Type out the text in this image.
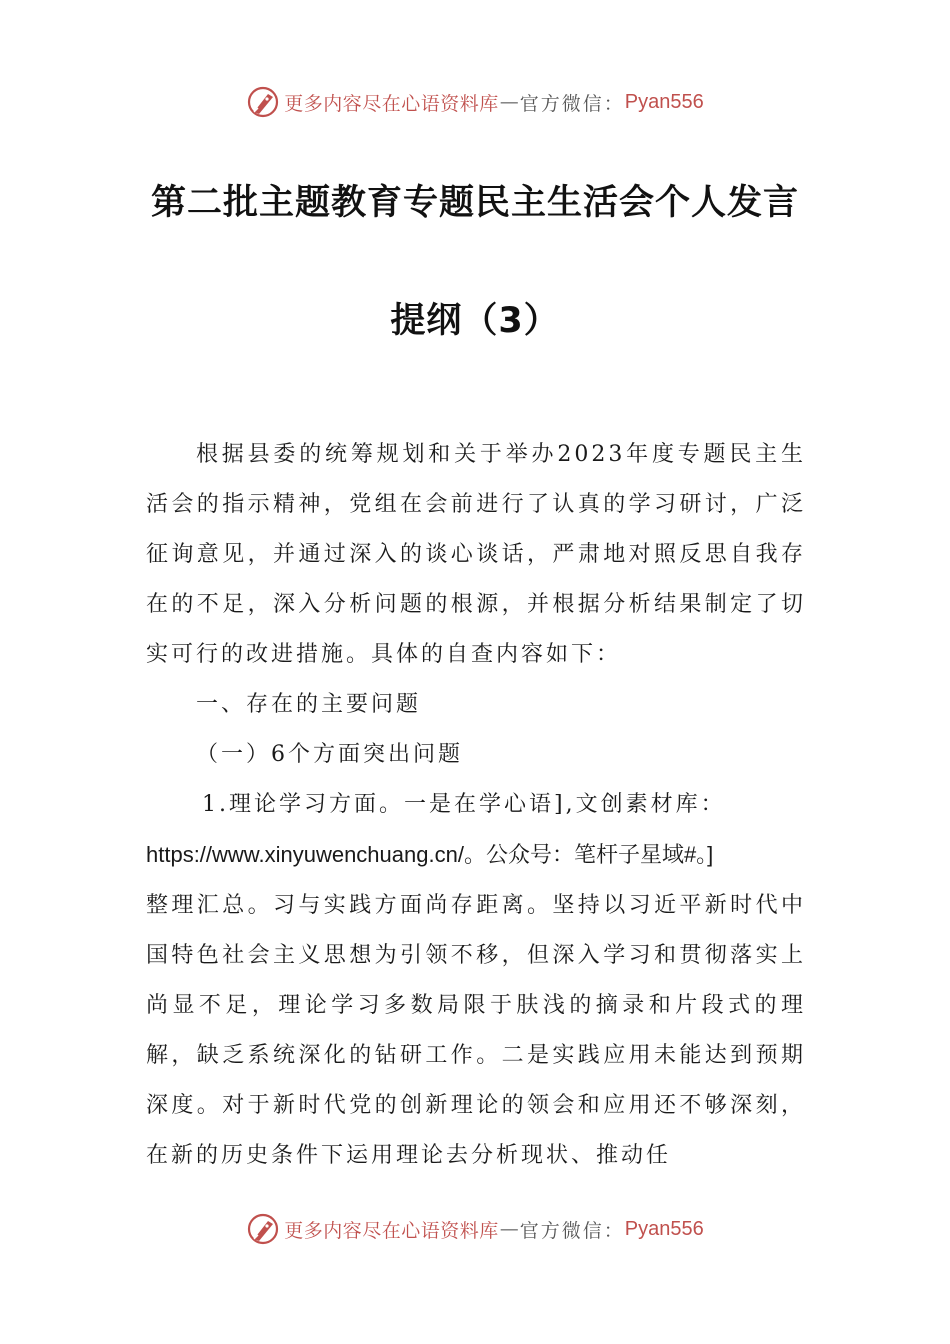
更多内容尽在心语资料库 — 官方微信： Pyan556
第二批主题教育专题民主生活会个人发言
提纲（3）

根据县委的统筹规划和关于举办2023年度专题民主生活会的指示精神，党组在会前进行了认真的学习研讨，广泛征询意见，并通过深入的谈心谈话，严肃地对照反思自我存在的不足，深入分析问题的根源，并根据分析结果制定了切实可行的改进措施。具体的自查内容如下：

一、存在的主要问题

（一）6个方面突出问题

1.理论学习方面。一是在学心语],文创素材库：
https://www.xinyuwenchuang.cn/。公众号：笔杆子星域#。]
整理汇总。习与实践方面尚存距离。坚持以习近平新时代中国特色社会主义思想为引领不移，但深入学习和贯彻落实上尚显不足，理论学习多数局限于肤浅的摘录和片段式的理解，缺乏系统深化的钻研工作。二是实践应用未能达到预期深度。对于新时代党的创新理论的领会和应用还不够深刻，在新的历史条件下运用理论去分析现状、推动任

更多内容尽在心语资料库 — 官方微信： Pyan556
